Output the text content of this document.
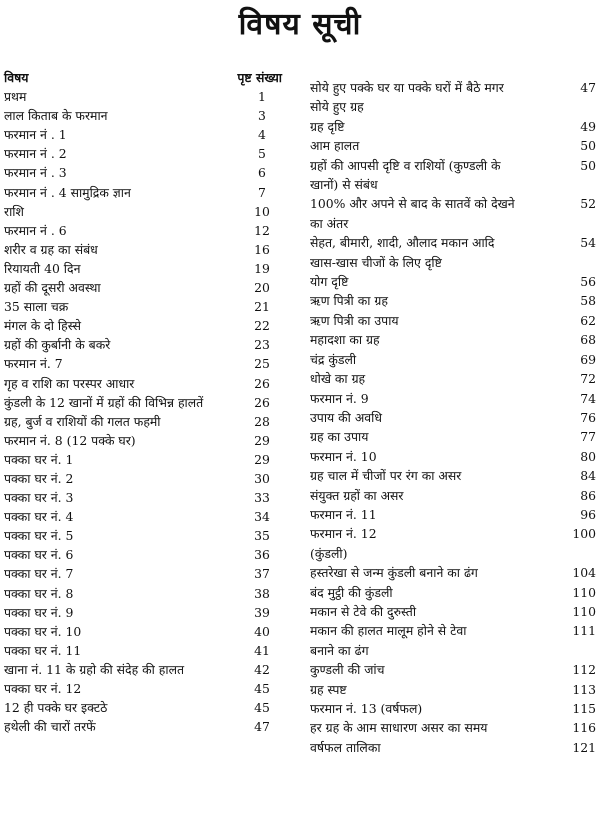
विषय सूची
विषय	पृष्ट संख्या
प्रथम	1
लाल किताब के फरमान	3
फरमान नं . 1	4
फरमान नं . 2	5
फरमान नं . 3	6
फरमान नं . 4 सामुद्रिक ज्ञान	7
राशि	10
फरमान नं . 6	12
शरीर व ग्रह का संबंध	16
रियायती 40 दिन	19
ग्रहों की दूसरी अवस्था	20
35 साला चक्र	21
मंगल के दो हिस्से	22
ग्रहों की कुर्बानी के बकरे	23
फरमान नं. 7	25
गृह व राशि का परस्पर आधार	26
कुंडली के 12 खानों में ग्रहों की विभिन्न हालतें	26
ग्रह, बुर्ज व राशियों की गलत फहमी	28
फरमान नं. 8 (12 पक्के घर)	29
पक्का घर नं. 1	29
पक्का घर नं. 2	30
पक्का घर नं. 3	33
पक्का घर नं. 4	34
पक्का घर नं. 5	35
पक्का घर नं. 6	36
पक्का घर नं. 7	37
पक्का घर नं. 8	38
पक्का घर नं. 9	39
पक्का घर नं. 10	40
पक्का घर नं. 11	41
खाना नं. 11 के ग्रहो की संदेह की हालत	42
पक्का घर नं. 12	45
12 ही पक्के घर इक्टठे	45
हथेली की चारों तरफें	47
सोये हुए पक्के घर या पक्के घरों में बैठे मगर	47
सोये हुए ग्रह
ग्रह दृष्टि	49
आम हालत	50
ग्रहों की आपसी दृष्टि व राशियों (कुण्डली के	50
खानों) से संबंध
100% और अपने से बाद के सातवें को देखने	52
का अंतर
सेहत, बीमारी, शादी, औलाद मकान आदि	54
खास-खास चीजों के लिए दृष्टि
योग दृष्टि	56
ऋण पित्री का ग्रह	58
ऋण पित्री का उपाय	62
महादशा का ग्रह	68
चंद्र कुंडली	69
धोखे का ग्रह	72
फरमान नं. 9	74
उपाय की अवधि	76
ग्रह का उपाय	77
फरमान नं. 10	80
ग्रह चाल में चीजों पर रंग का असर	84
संयुक्त ग्रहों का असर	86
फरमान नं. 11	96
फरमान नं. 12	100
(कुंडली)
हस्तरेखा से जन्म कुंडली बनाने का ढंग	104
बंद मुट्ठी की कुंडली	110
मकान से टेवे की दुरुस्ती	110
मकान की हालत मालूम होने से टेवा	111
बनाने का ढंग
कुण्डली की जांच	112
ग्रह स्पष्ट	113
फरमान नं. 13 (वर्षफल)	115
हर ग्रह के आम साधारण असर का समय	116
वर्षफल तालिका	121
